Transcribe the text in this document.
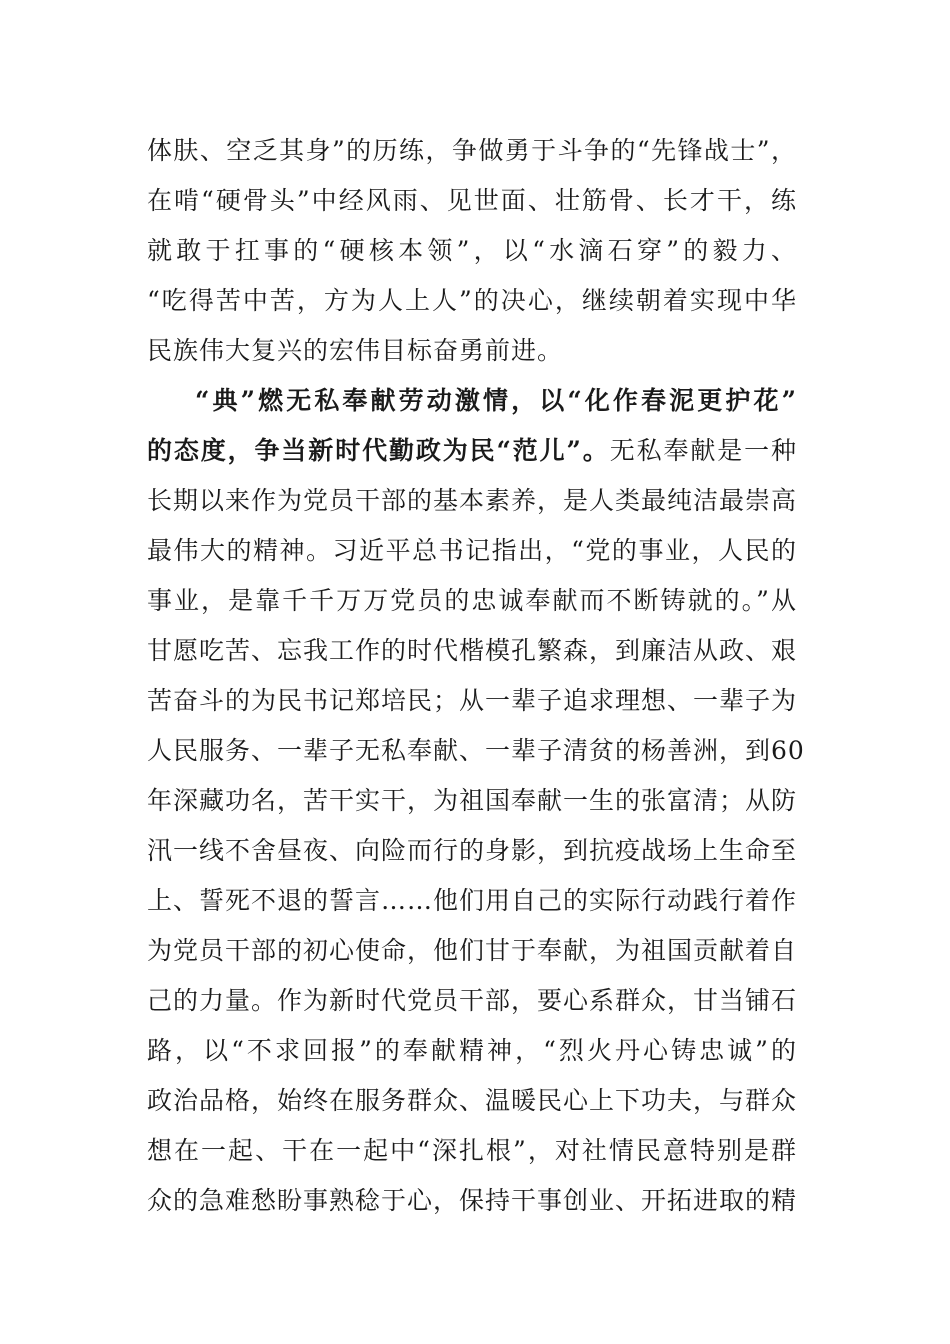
体肤、空乏其身”的历练，争做勇于斗争的“先锋战士”，
在啃“硬骨头”中经风雨、见世面、壮筋骨、长才干，练
就敢于扛事的“硬核本领”，以“水滴石穿”的毅力、
“吃得苦中苦，方为人上人”的决心，继续朝着实现中华
民族伟大复兴的宏伟目标奋勇前进。
“典”燃无私奉献劳动激情，以“化作春泥更护花”
的态度，争当新时代勤政为民“范儿”。无私奉献是一种
长期以来作为党员干部的基本素养，是人类最纯洁最崇高
最伟大的精神。习近平总书记指出，“党的事业，人民的
事业，是靠千千万万党员的忠诚奉献而不断铸就的。”从
甘愿吃苦、忘我工作的时代楷模孔繁森，到廉洁从政、艰
苦奋斗的为民书记郑培民；从一辈子追求理想、一辈子为
人民服务、一辈子无私奉献、一辈子清贫的杨善洲，到60
年深藏功名，苦干实干，为祖国奉献一生的张富清；从防
汛一线不舍昼夜、向险而行的身影，到抗疫战场上生命至
上、誓死不退的誓言……他们用自己的实际行动践行着作
为党员干部的初心使命，他们甘于奉献，为祖国贡献着自
己的力量。作为新时代党员干部，要心系群众，甘当铺石
路，以“不求回报”的奉献精神，“烈火丹心铸忠诚”的
政治品格，始终在服务群众、温暖民心上下功夫，与群众
想在一起、干在一起中“深扎根”，对社情民意特别是群
众的急难愁盼事熟稔于心，保持干事创业、开拓进取的精
